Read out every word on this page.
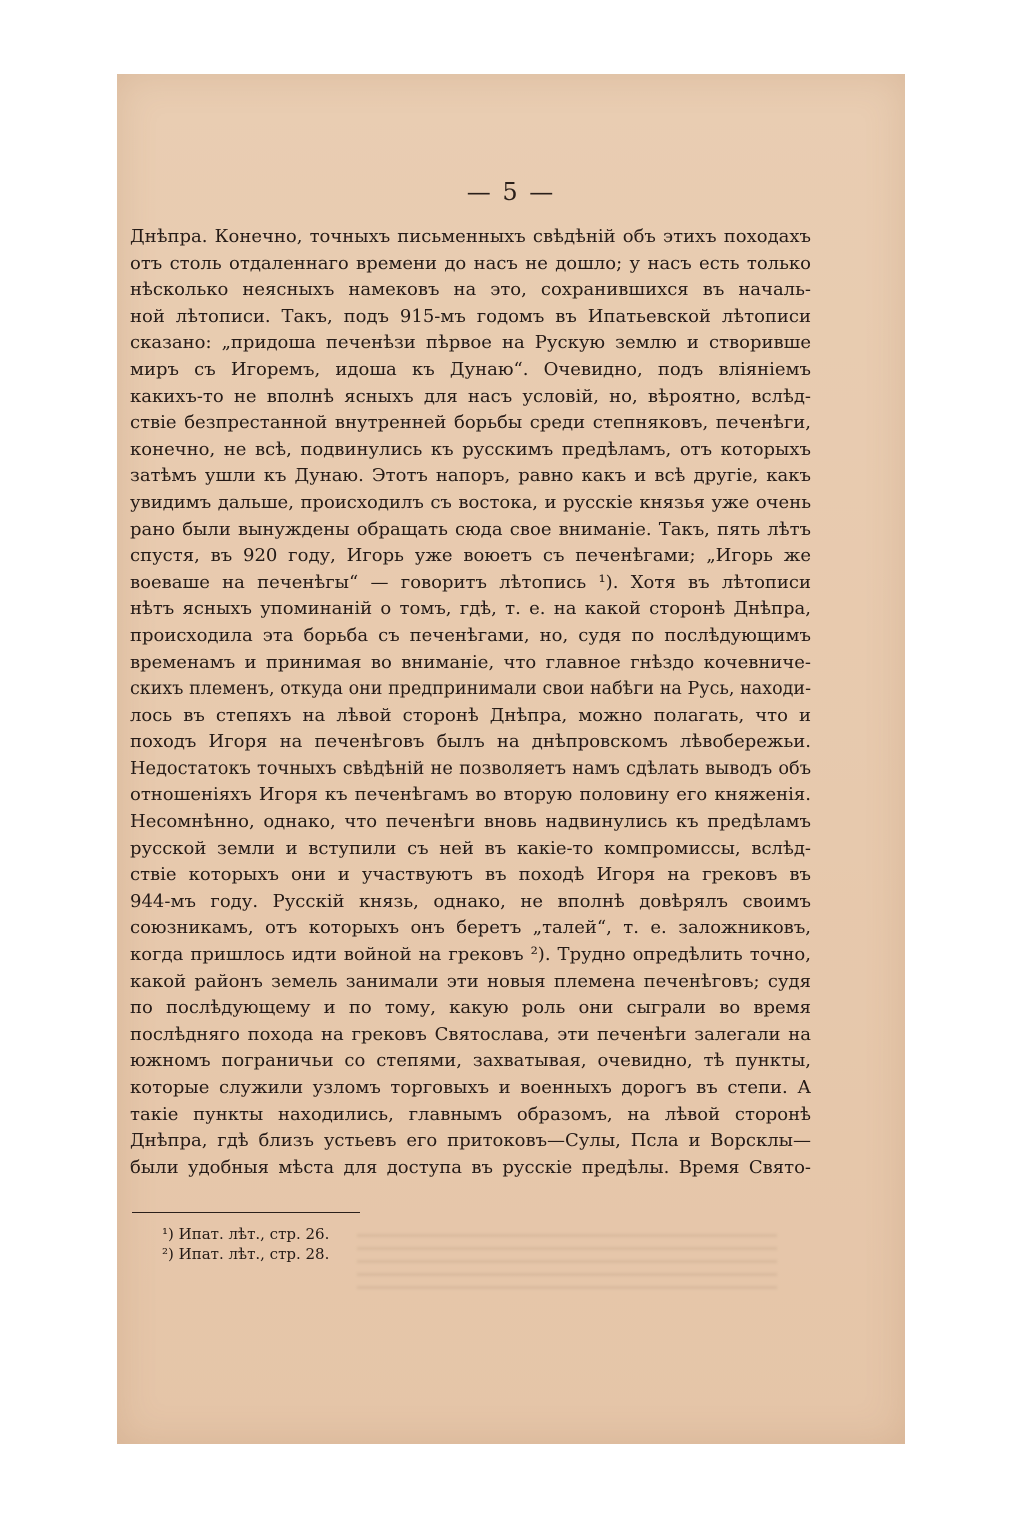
— 5 —
Днѣпра. Конечно, точныхъ письменныхъ свѣдѣній объ этихъ походахъ
отъ столь отдаленнаго времени до насъ не дошло; у насъ есть только
нѣсколько неясныхъ намековъ на это, сохранившихся въ началь-
ной лѣтописи. Такъ, подъ 915-мъ годомъ въ Ипатьевской лѣтописи
сказано: „придоша печенѣзи пѣрвое на Рускую землю и створивше
миръ съ Игоремъ, идоша къ Дунаю“. Очевидно, подъ вліяніемъ
какихъ-то не вполнѣ ясныхъ для насъ условій, но, вѣроятно, вслѣд-
ствіе безпрестанной внутренней борьбы среди степняковъ, печенѣги,
конечно, не всѣ, подвинулись къ русскимъ предѣламъ, отъ которыхъ
затѣмъ ушли къ Дунаю. Этотъ напоръ, равно какъ и всѣ другіе, какъ
увидимъ дальше, происходилъ съ востока, и русскіе князья уже очень
рано были вынуждены обращать сюда свое вниманіе. Такъ, пять лѣтъ
спустя, въ 920 году, Игорь уже воюетъ съ печенѣгами; „Игорь же
воеваше на печенѣгы“ — говоритъ лѣтопись ¹). Хотя въ лѣтописи
нѣтъ ясныхъ упоминаній о томъ, гдѣ, т. е. на какой сторонѣ Днѣпра,
происходила эта борьба съ печенѣгами, но, судя по послѣдующимъ
временамъ и принимая во вниманіе, что главное гнѣздо кочевниче-
скихъ племенъ, откуда они предпринимали свои набѣги на Русь, находи-
лось въ степяхъ на лѣвой сторонѣ Днѣпра, можно полагать, что и
походъ Игоря на печенѣговъ былъ на днѣпровскомъ лѣвобережьи.
Недостатокъ точныхъ свѣдѣній не позволяетъ намъ сдѣлать выводъ объ
отношеніяхъ Игоря къ печенѣгамъ во вторую половину его княженія.
Несомнѣнно, однако, что печенѣги вновь надвинулись къ предѣламъ
русской земли и вступили съ ней въ какіе-то компромиссы, вслѣд-
ствіе которыхъ они и участвуютъ въ походѣ Игоря на грековъ въ
944-мъ году. Русскій князь, однако, не вполнѣ довѣрялъ своимъ
союзникамъ, отъ которыхъ онъ беретъ „талей“, т. е. заложниковъ,
когда пришлось идти войной на грековъ ²). Трудно опредѣлить точно,
какой районъ земель занимали эти новыя племена печенѣговъ; судя
по послѣдующему и по тому, какую роль они сыграли во время
послѣдняго похода на грековъ Святослава, эти печенѣги залегали на
южномъ пограничьи со степями, захватывая, очевидно, тѣ пункты,
которые служили узломъ торговыхъ и военныхъ дорогъ въ степи. А
такіе пункты находились, главнымъ образомъ, на лѣвой сторонѣ
Днѣпра, гдѣ близъ устьевъ его притоковъ—Сулы, Псла и Ворсклы—
были удобныя мѣста для доступа въ русскіе предѣлы. Время Свято-
¹) Ипат. лѣт., стр. 26.
²) Ипат. лѣт., стр. 28.
